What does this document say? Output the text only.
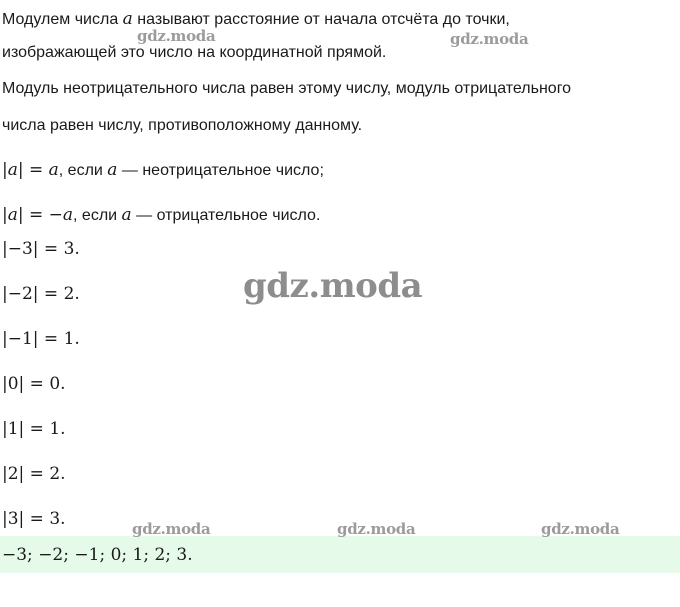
Модулем числа a называют расстояние от начала отсчёта до точки,
изображающей это число на координатной прямой.
Модуль неотрицательного числа равен этому числу, модуль отрицательного
числа равен числу, противоположному данному.
|a| = a, если a — неотрицательное число;
|a| = −a, если a — отрицательное число.
|−3| = 3.
|−2| = 2.
|−1| = 1.
|0| = 0.
|1| = 1.
|2| = 2.
|3| = 3.
−3; −2; −1; 0; 1; 2; 3.
gdz.moda	gdz.moda
gdz.moda
gdz.moda	gdz.moda	gdz.moda
